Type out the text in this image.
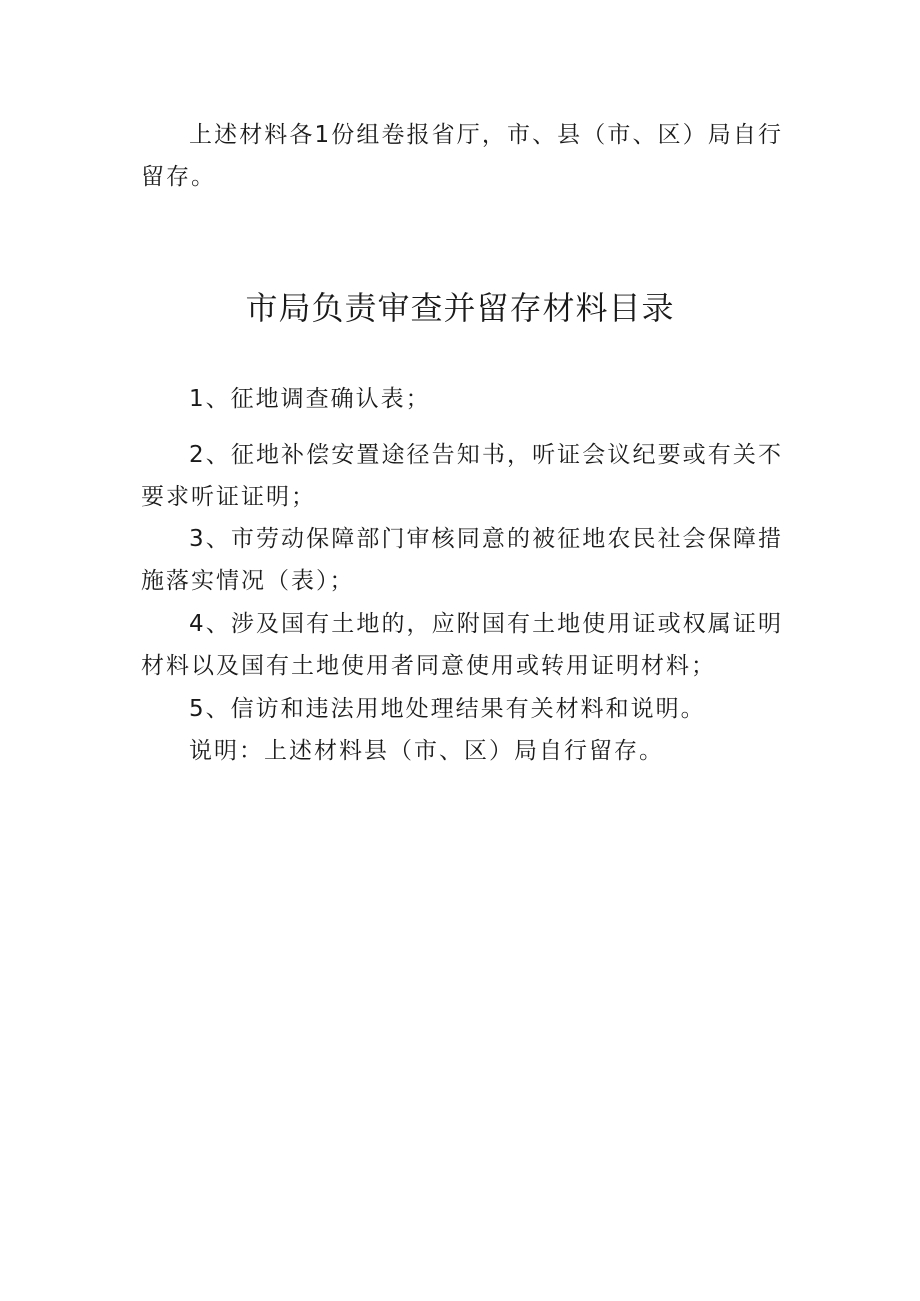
上述材料各1份组卷报省厅，市、县（市、区）局自行留存。

市局负责审查并留存材料目录

1、征地调查确认表；

2、征地补偿安置途径告知书，听证会议纪要或有关不要求听证证明；

3、市劳动保障部门审核同意的被征地农民社会保障措施落实情况（表）；

4、涉及国有土地的，应附国有土地使用证或权属证明材料以及国有土地使用者同意使用或转用证明材料；

5、信访和违法用地处理结果有关材料和说明。

说明：上述材料县（市、区）局自行留存。
